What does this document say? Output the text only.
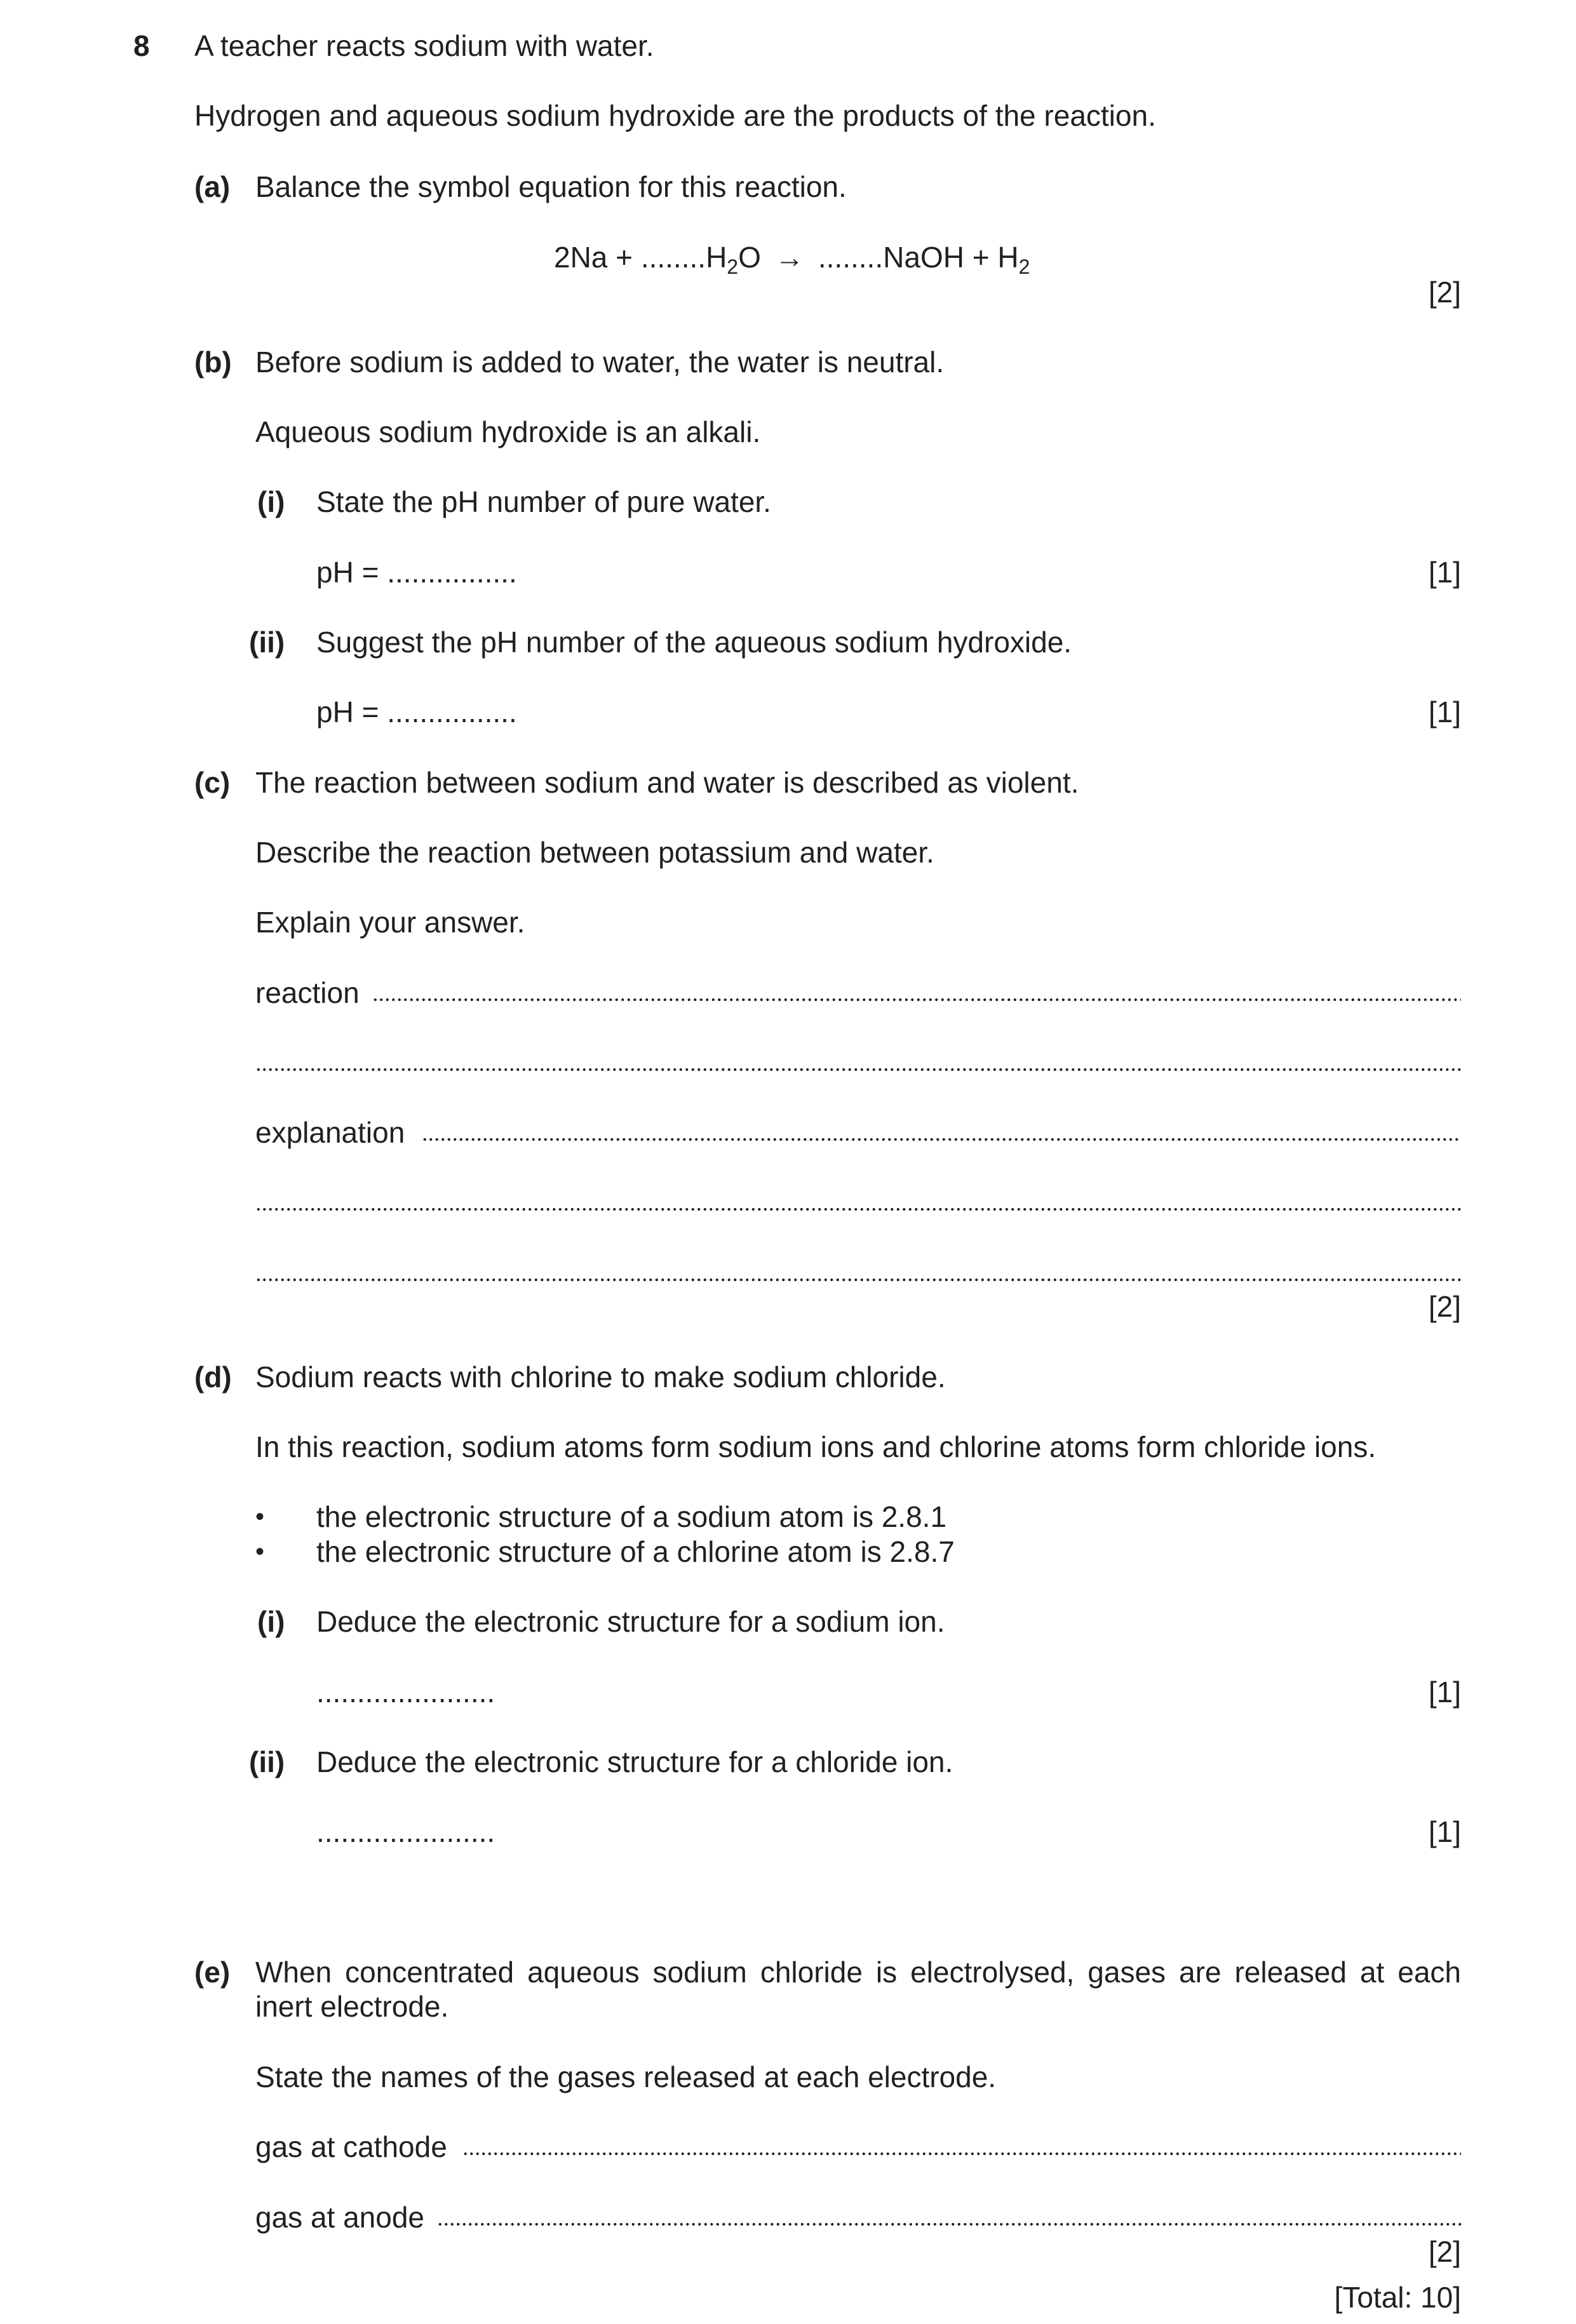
8 A teacher reacts sodium with water.
Hydrogen and aqueous sodium hydroxide are the products of the reaction.
(a) Balance the symbol equation for this reaction.
$2Na + ........H_2O$ → ........NaOH + $H_2$
[2]
(b) Before sodium is added to water, the water is neutral.
Aqueous sodium hydroxide is an alkali.
(i) State the pH number of pure water.
pH = ................	[1]
(ii) Suggest the pH number of the aqueous sodium hydroxide.
pH = ................	[1]
(c) The reaction between sodium and water is described as violent.
Describe the reaction between potassium and water.
Explain your answer.
reaction
explanation
[2]
(d) Sodium reacts with chlorine to make sodium chloride.
In this reaction, sodium atoms form sodium ions and chlorine atoms form chloride ions.
• the electronic structure of a sodium atom is 2.8.1
• the electronic structure of a chlorine atom is 2.8.7
(i) Deduce the electronic structure for a sodium ion.
......................	[1]
(ii) Deduce the electronic structure for a chloride ion.
......................	[1]
(e) When concentrated aqueous sodium chloride is electrolysed, gases are released at each inert electrode.
State the names of the gases released at each electrode.
gas at cathode
gas at anode
[2]
[Total: 10]
